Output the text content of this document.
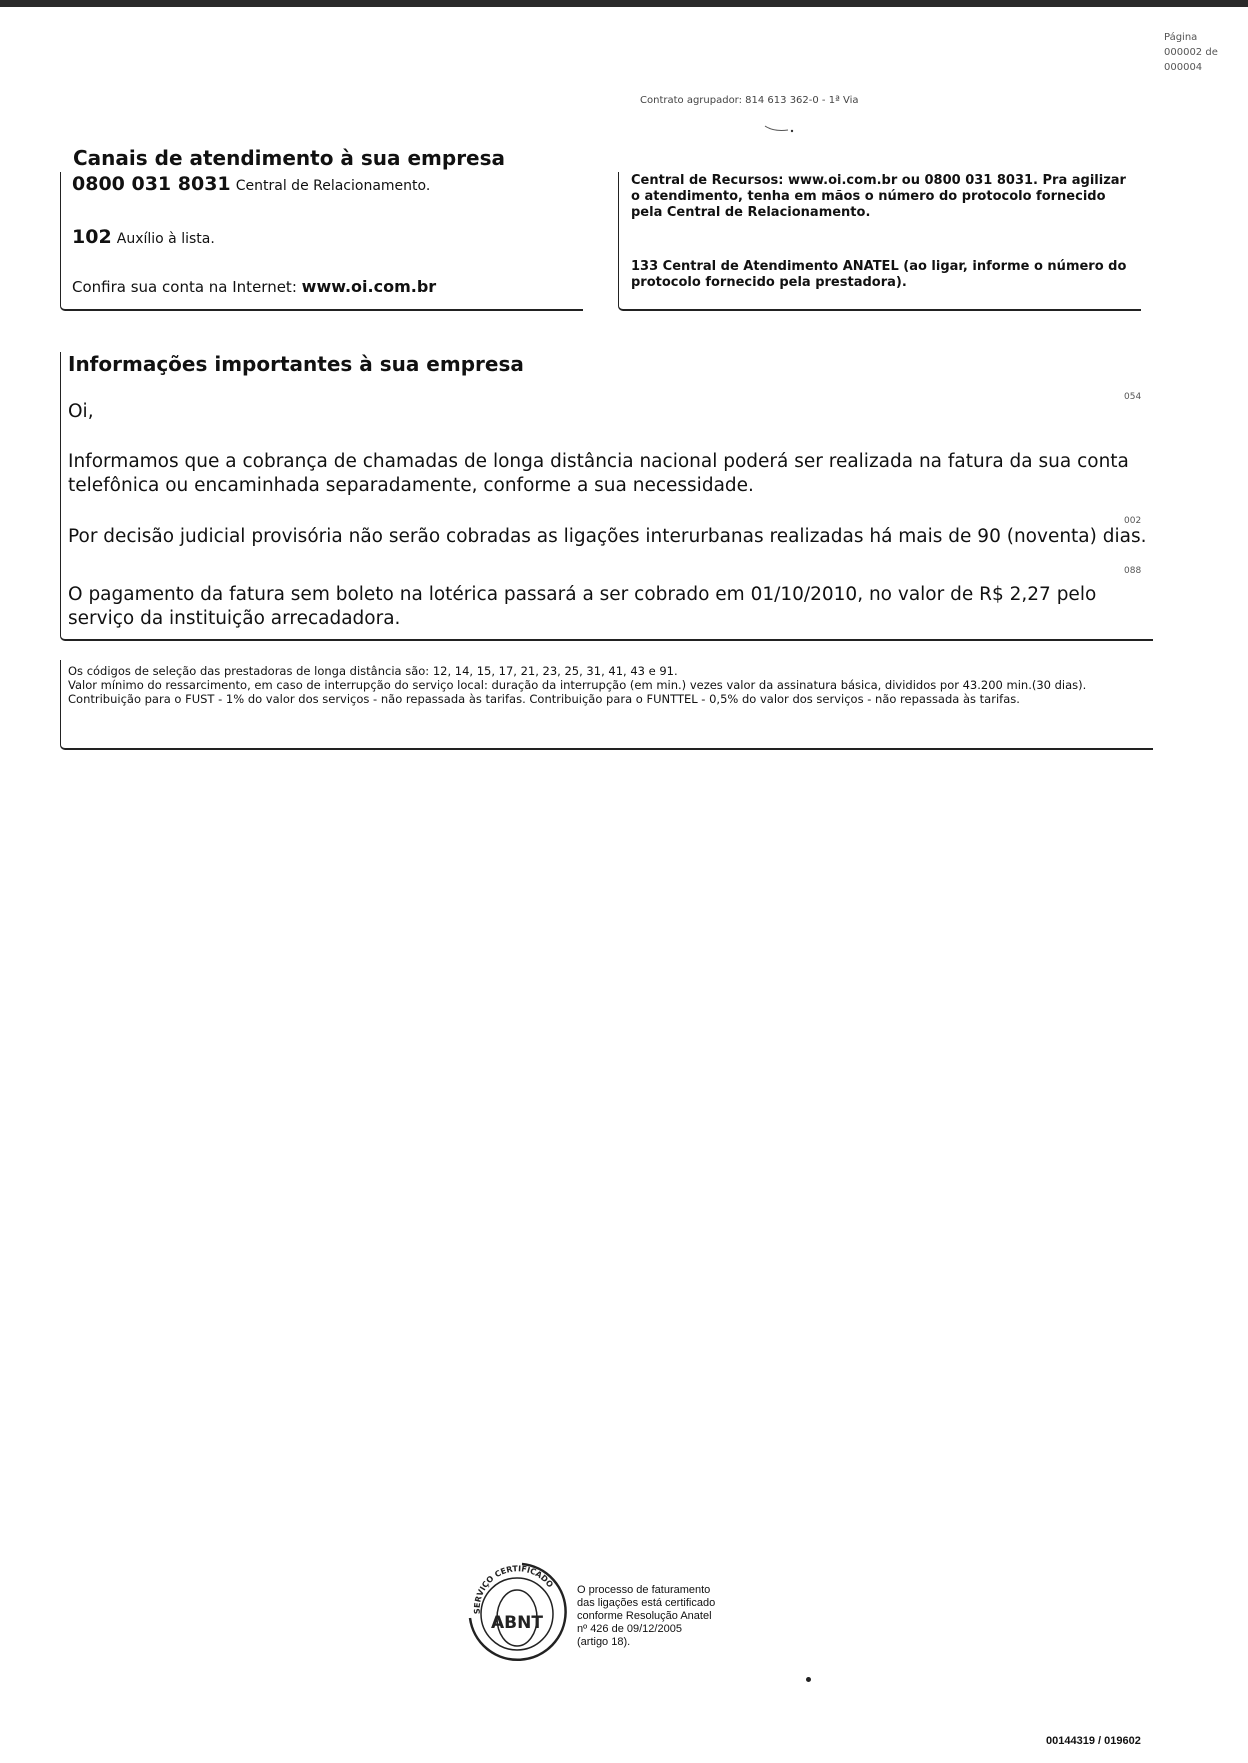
Página
000002 de
000004
Contrato agrupador: 814 613 362-0 - 1ª Via
Canais de atendimento à sua empresa
0800 031 8031 Central de Relacionamento.
102 Auxílio à lista.
Confira sua conta na Internet: www.oi.com.br
Central de Recursos: www.oi.com.br ou 0800 031 8031. Pra agilizar o atendimento, tenha em mãos o número do protocolo fornecido pela Central de Relacionamento.
133 Central de Atendimento ANATEL (ao ligar, informe o número do protocolo fornecido pela prestadora).
Informações importantes à sua empresa
054
Oi,
Informamos que a cobrança de chamadas de longa distância nacional poderá ser realizada na fatura da sua conta telefônica ou encaminhada separadamente, conforme a sua necessidade.
002
Por decisão judicial provisória não serão cobradas as ligações interurbanas realizadas há mais de 90 (noventa) dias.
088
O pagamento da fatura sem boleto na lotérica passará a ser cobrado em 01/10/2010, no valor de R$ 2,27 pelo serviço da instituição arrecadadora.
Os códigos de seleção das prestadoras de longa distância são: 12, 14, 15, 17, 21, 23, 25, 31, 41, 43 e 91.
Valor mínimo do ressarcimento, em caso de interrupção do serviço local: duração da interrupção (em min.) vezes valor da assinatura básica, divididos por 43.200 min.(30 dias).
Contribuição para o FUST - 1% do valor dos serviços - não repassada às tarifas. Contribuição para o FUNTTEL - 0,5% do valor dos serviços - não repassada às tarifas.
SERVIÇO CERTIFICADO
ABNT
O processo de faturamento
das ligações está certificado
conforme Resolução Anatel
nº 426 de 09/12/2005
(artigo 18).
00144319 / 019602
